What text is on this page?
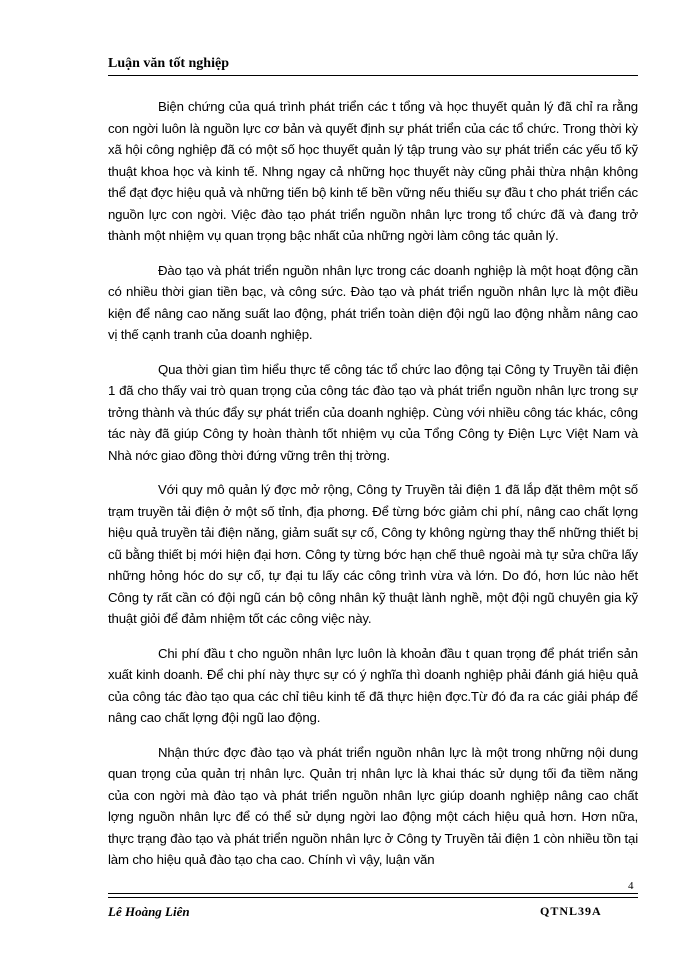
Luận văn tốt nghiệp

Biện chứng của quá trình phát triển các t tổng và học thuyết quản lý đã chỉ ra rằng con ngời luôn là nguồn lực cơ bản và quyết định sự phát triển của các tổ chức. Trong thời kỳ xã hội công nghiệp đã có một số học thuyết quản lý tập trung vào sự phát triển các yếu tố kỹ thuật khoa học và kinh tế. Nhng ngay cả những học thuyết này cũng phải thừa nhận không thể đạt đợc hiệu quả và những tiến bộ kinh tế bền vững nếu thiếu sự đầu t cho phát triển các nguồn lực con ngời. Việc đào tạo phát triển nguồn nhân lực trong tổ chức đã và đang trở thành một nhiệm vụ quan trọng bậc nhất của những ngời làm công tác quản lý.

Đào tạo và phát triển nguồn nhân lực trong các doanh nghiệp là một hoạt động cần có nhiều thời gian tiền bạc, và công sức. Đào tạo và phát triển nguồn nhân lực là một điều kiện để nâng cao năng suất lao động, phát triển toàn diện đội ngũ lao động nhằm nâng cao vị thế cạnh tranh của doanh nghiệp.

Qua thời gian tìm hiểu thực tế công tác tổ chức lao động tại Công ty Truyền tải điện 1 đã cho thấy vai trò quan trọng của công tác đào tạo và phát triển nguồn nhân lực trong sự trởng thành và thúc đẩy sự phát triển của doanh nghiệp. Cùng với nhiều công tác khác, công tác này đã giúp Công ty hoàn thành tốt nhiệm vụ của Tổng Công ty Điện Lực Việt Nam và Nhà nớc giao đồng thời đứng vững trên thị trờng.

Với quy mô quản lý đợc mở rộng, Công ty Truyền tải điện 1 đã lắp đặt thêm một số trạm truyền tải điện ở một số tỉnh, địa phơng. Để từng bớc giảm chi phí, nâng cao chất lợng hiệu quả truyền tải điện năng, giảm suất sự cố, Công ty không ngừng thay thế những thiết bị cũ bằng thiết bị mới hiện đại hơn. Công ty từng bớc hạn chế thuê ngoài mà tự sửa chữa lấy những hỏng hóc do sự cố, tự đại tu lấy các công trình vừa và lớn. Do đó, hơn lúc nào hết Công ty rất cần có đội ngũ cán bộ công nhân kỹ thuật lành nghề, một đội ngũ chuyên gia kỹ thuật giỏi để đảm nhiệm tốt các công việc này.

Chi phí đầu t cho nguồn nhân lực luôn là khoản đầu t quan trọng để phát triển sản xuất kinh doanh. Để chi phí này thực sự có ý nghĩa thì doanh nghiệp phải đánh giá hiệu quả của công tác đào tạo qua các chỉ tiêu kinh tế đã thực hiện đợc.Từ đó đa ra các giải pháp để nâng cao chất lợng đội ngũ lao động.

Nhận thức đợc đào tạo và phát triển nguồn nhân lực là một trong những nội dung quan trọng của quản trị nhân lực. Quản trị nhân lực là khai thác sử dụng tối đa tiềm năng của con ngời mà đào tạo và phát triển nguồn nhân lực giúp doanh nghiệp nâng cao chất lợng nguồn nhân lực để có thể sử dụng ngời lao động một cách hiệu quả hơn. Hơn nữa, thực trạng đào tạo và phát triển nguồn nhân lực ở Công ty Truyền tải điện 1 còn nhiều tồn tại làm cho hiệu quả đào tạo cha cao. Chính vì vậy, luận văn

4
Lê Hoàng Liên	QTNL39A
